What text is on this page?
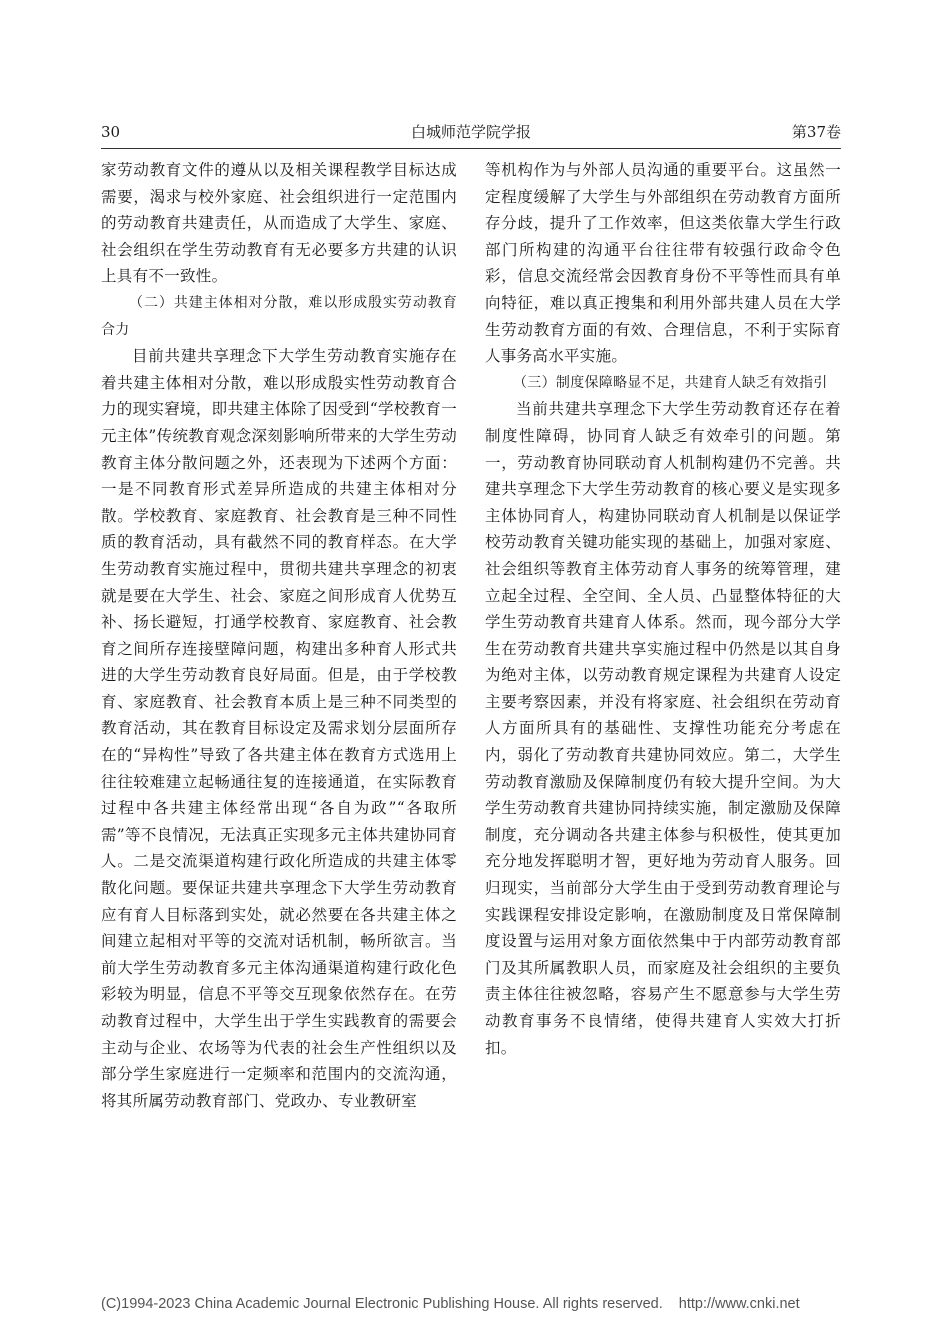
30	白城师范学院学报	第37卷

家劳动教育文件的遵从以及相关课程教学目标达成需要，渴求与校外家庭、社会组织进行一定范围内的劳动教育共建责任，从而造成了大学生、家庭、社会组织在学生劳动教育有无必要多方共建的认识上具有不一致性。

（二）共建主体相对分散，难以形成殷实劳动教育合力

目前共建共享理念下大学生劳动教育实施存在着共建主体相对分散，难以形成殷实性劳动教育合力的现实窘境，即共建主体除了因受到“学校教育一元主体”传统教育观念深刻影响所带来的大学生劳动教育主体分散问题之外，还表现为下述两个方面：一是不同教育形式差异所造成的共建主体相对分散。学校教育、家庭教育、社会教育是三种不同性质的教育活动，具有截然不同的教育样态。在大学生劳动教育实施过程中，贯彻共建共享理念的初衷就是要在大学生、社会、家庭之间形成育人优势互补、扬长避短，打通学校教育、家庭教育、社会教育之间所存连接壁障问题，构建出多种育人形式共进的大学生劳动教育良好局面。但是，由于学校教育、家庭教育、社会教育本质上是三种不同类型的教育活动，其在教育目标设定及需求划分层面所存在的“异构性”导致了各共建主体在教育方式选用上往往较难建立起畅通往复的连接通道，在实际教育过程中各共建主体经常出现“各自为政”“各取所需”等不良情况，无法真正实现多元主体共建协同育人。二是交流渠道构建行政化所造成的共建主体零散化问题。要保证共建共享理念下大学生劳动教育应有育人目标落到实处，就必然要在各共建主体之间建立起相对平等的交流对话机制，畅所欲言。当前大学生劳动教育多元主体沟通渠道构建行政化色彩较为明显，信息不平等交互现象依然存在。在劳动教育过程中，大学生出于学生实践教育的需要会主动与企业、农场等为代表的社会生产性组织以及部分学生家庭进行一定频率和范围内的交流沟通，将其所属劳动教育部门、党政办、专业教研室

等机构作为与外部人员沟通的重要平台。这虽然一定程度缓解了大学生与外部组织在劳动教育方面所存分歧，提升了工作效率，但这类依靠大学生行政部门所构建的沟通平台往往带有较强行政命令色彩，信息交流经常会因教育身份不平等性而具有单向特征，难以真正搜集和利用外部共建人员在大学生劳动教育方面的有效、合理信息，不利于实际育人事务高水平实施。

（三）制度保障略显不足，共建育人缺乏有效指引

当前共建共享理念下大学生劳动教育还存在着制度性障碍，协同育人缺乏有效牵引的问题。第一，劳动教育协同联动育人机制构建仍不完善。共建共享理念下大学生劳动教育的核心要义是实现多主体协同育人，构建协同联动育人机制是以保证学校劳动教育关键功能实现的基础上，加强对家庭、社会组织等教育主体劳动育人事务的统筹管理，建立起全过程、全空间、全人员、凸显整体特征的大学生劳动教育共建育人体系。然而，现今部分大学生在劳动教育共建共享实施过程中仍然是以其自身为绝对主体，以劳动教育规定课程为共建育人设定主要考察因素，并没有将家庭、社会组织在劳动育人方面所具有的基础性、支撑性功能充分考虑在内，弱化了劳动教育共建协同效应。第二，大学生劳动教育激励及保障制度仍有较大提升空间。为大学生劳动教育共建协同持续实施，制定激励及保障制度，充分调动各共建主体参与积极性，使其更加充分地发挥聪明才智，更好地为劳动育人服务。回归现实，当前部分大学生由于受到劳动教育理论与实践课程安排设定影响，在激励制度及日常保障制度设置与运用对象方面依然集中于内部劳动教育部门及其所属教职人员，而家庭及社会组织的主要负责主体往往被忽略，容易产生不愿意参与大学生劳动教育事务不良情绪，使得共建育人实效大打折扣。

(C)1994-2023 China Academic Journal Electronic Publishing House. All rights reserved. http://www.cnki.net
